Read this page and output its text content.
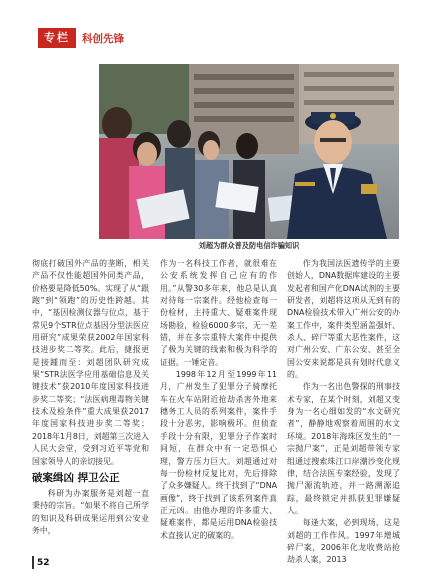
专栏	科创先锋
刘超为群众普及防电信诈骗知识

彻底打破国外产品的垄断，相关产品不仅性能超国外同类产品，价格要是降低50%。实现了从“跟跑”到“领跑”的历史性跨越。其中，“基因检测仪器与位点，基于常见9个STR位点基因分型法医应用研究”成果荣获2002年国家科技进步奖二等奖。此后，捷报更是接踵而至：刘超团队研究成果“STR法医学应用基础信息及关键技术”获2010年度国家科技进步奖二等奖；“法医病理毒物关键技术及检条件”重大成果获2017年度国家科技进步奖二等奖；2018年1月8日，刘超第三次进入人民大会堂，受到习近平等党和国家领导人的亲切接见。

破案缉凶 捍卫公正

科研为办案服务是刘超一直秉持的宗旨。“如果不将自己所学的知识及科研成果运用到公安业务中，

作为一名科技工作者，就很难在公安系统发挥自己应有的作用。”从警30多年来，他总是认真对待每一宗案件。经他检查每一份检材，主持重大、疑难案件现场勘验，检验6000多宗，无一差错，并在多宗重特大案件中提供了极为关键的线索和极为科学的证据。一锤定音。

1998年12月至1999年11月，广州发生了犯罪分子骑摩托车在火车站附近抢劫杀害外地来穗务工人员的系列案件，案件手段十分恶劣，影响极坏。但侦查手段十分有限，犯罪分子作案时间短，在群众中有一定恐惧心理，警方压力巨大。刘超通过对每一份检材反复比对，先后排除了众多嫌疑人。终于找到了“DNA画像”，终于找到了该系列案件真正元凶。由他办理的许多重大、疑难案件，都是运用DNA检验技术直接认定的破案的。

作为我国法医遗传学的主要创始人，DNA数据库建设的主要发起者和国产化DNA试剂的主要研发者，刘超将这项从无到有的DNA检验技术带入广州公安的办案工作中，案件类型涵盖强奸、杀人、碎尸等重大恶性案件，这对广州公安、广东公安、甚至全国公安来说都是具有划时代意义的。

作为一名出色警探的刑事技术专家，在某个时刻，刘超又变身为一名心细如发的“水文研究者”，静静地观察着周围的水文环境。2018年海珠区发生的“一宗抛尸案”，正是刘超带领专家组通过搜索珠江口岸潮沙变化规律，结合法医专案经验，发现了抛尸源流轨迹，并一路溯源追踪，最终锁定并抓获犯罪嫌疑人。

每逢大案，必到现场，这是刘超的工作作风。1997年增城碎尸案，2006年化龙收费站抢劫杀人案，2013

52
